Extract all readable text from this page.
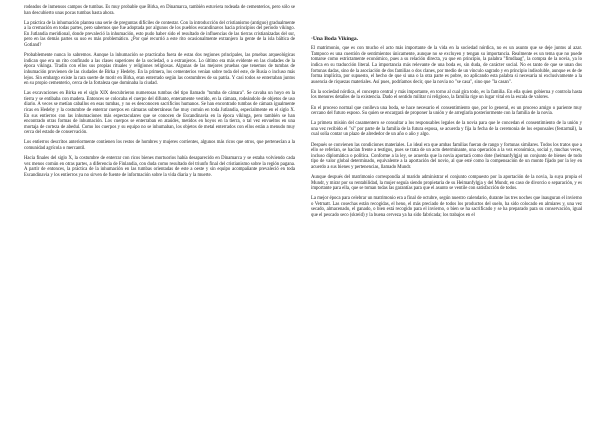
rodeados de inmensos campos de tumbas. Es muy probable que Birka, en Dinamarca, también estuviera rodeada de cementerios, pero sólo se han descubierto unas pocas tumbas hasta ahora.

La práctica de la inhumación plantea una serie de preguntas difíciles de contestar. Con la introducción del cristianismo (antiguo) gradualmente a la cremación en todas partes, pero sabemos que fue adoptada por algunos de los pueblos escandinavos hacia principios del período vikingo. En Jutlandia meridional, donde prevaleció la inhumación, esto pudo haber sido el resultado de influencias de las tierras cristianizadas del sur, pero en las demás partes su uso es más problemático. ¿Por qué recurrió a este rito ocasionalmente extranjero la gente de la isla báltica de Gotland?

Probablemente nunca lo sabremos. Aunque la inhumación se practicaba fuera de estas dos regiones principales, las pruebas arqueológicas indican que era un rito confinado a las clases superiores de la sociedad, o a extranjeros. Lo último era más evidente en las ciudades de la época vikinga. Tradin con ellos sus propias rituales y religiones religiosas. Algunas de las mejores pruebas que tenemos de tumbas de inhumación provienen de las ciudades de Birka y Hedeby. En la primera, los cementerios venían sobre toda del este, de Rusia o incluso más lejos. Sin embargo existe la rara suerte de morir en Birka, eran enterrado según las costumbres de su patria. Y casi todos se enterraban juntos en su propio cementerio, cerca de la fortaleza que dominaba la ciudad.

Las excavaciones en Birka en el siglo XIX descubrieron numerosas tumbas del tipo llamado "tumba de cámara". Se cavaba un hoyo en la tierra y se entibaba con madera. Entonces se colocaba el cuerpo del difunto, enteramente vestido, en la cámara, rodeándolo de objetos de uso diario. A veces se metían caballos en esas tumbas, y no es desconocen sacrificios humanos. Se han encontrado tumbas de cámara igualmente ricas en Hedeby y la costumbre de enterrar cuerpos en cámaras subterráneas fue muy común en toda Jutlandia, especialmente en el siglo X. En sus entierros con las inhumaciones más espectaculares que se conocen de Escandinavia en la época vikinga, pero también se han encontrado otras formas de inhumación. Los cuerpos se enterraban en ataúdes, metidos en hoyos en la tierra, o tal vez envueltos en una mortaja de corteza de abedul. Como los cuerpos y su equipo no se inhumaban, los objetos de metal enterrados con ellos están a menudo muy cerca del estado de conservación.

Los entierros descritos anteriormente contienen los restos de hombres y mujeres corrientes, algunos más ricos que otros, que pertenecían a la comunidad agrícola o mercantil.

Hacia finales del siglo X, la costumbre de enterrar con ricos bienes mortuorios había desaparecido en Dinamarca y se estaba volviendo cada vez menos común en otras partes, a diferencia de Finlandia, con duda como resultado del triunfo final del cristianismo sobre la región pagana. A partir de entonces, la práctica de la inhumación en las tumbas orientadas de este a oeste y sin equipo acompañante prevaleció en toda Escandinavia y los entierros ya no sirven de fuente de información sobre la vida diaria y la muerte.

·Una Boda Vikinga.

El matrimonio, que es con mucho el acto más importante de la vida en la sociedad nórdica, no es un asunto que se deje juntos al azar. Tampoco es una cuestión de sentimientos únicamente, aunque no se excluyen y tengan su importancia. Realmente es un tema que no puede tomarse como estrictamente económico, pues a su relación directa, ya que en principio, la palabra "fimdlaag", la compra de la novia, ya lo indica en su traducción literal. La importancia más relevante de una boda es, sin duda, de carácter social. No es tanto de que se unan dos fortunas dadas, sino de la asociación de dos familias o dos clanes, por medio de un vínculo sagrado y en principio indisoluble, aunque es de de forma implícita, por supuesto, el hecho de que si una o la otra parte es pobre, no aplicando esta palabra si necesaria ni exclusivamente a la ausencia de riquezas materiales. Así pues, podríamos decir, que la novia no "se casa", sino que "la casan".

En la sociedad nórdica, el concepto central y más importante, en torno al cual gira todo, es la familia. En ella quien gobierna y controla hasta los menores detalles de la existencia. Dado el sentido militar ni religioso, la familia rige un lugar vital en la escala de valores.

En el proceso normal que conlleva una boda, se hace necesario el consentimiento que, por lo general, es un proceso amigo o pariente muy cercano del futuro esposo. Su quien se encargará de proponer la unión y de arreglarla posteriormente con la familia de la novia.

La primera misión del casamentero se consultar a los responsables legales de la novia para que le concedan el consentimiento de la unión y una vez recibido el "sí" por parte de la familia de la futura esposa, se acuerda y fija la fecha de la ceremonia de los esponsales (festarmál), la cual solía contar un plazo de alrededor de un año o año y algo.

Después se convienen las condiciones materiales. Lo ideal era que ambas familias fueran de rango y fortunas similares. Todos los tratos que a ello se referían, se hacían frente a testigos, pues se trata de un acto determinante, una operación a la vez económica, social y, muchas veces, incluso diplomática o política. Conforme a la ley, se acuerda que la novia aportará como dote (heimanfylgja) un conjunto de bienes de todo tipo de valor global determinado, equivalente a la aportación del novio, al que esté como la compensación de un monto fijado por la ley en acuerdo a sus bienes y pertenencias, llamado Mundr.

Aunque después del matrimonio correspondía al marido administrar el conjunto compuesto por la aportación de la novia, la suya propia el Mundr, y mirar por su rentabilidad, la mujer seguía siendo propietaria de su Heimanfylgja y del Mundr, en caso de divorcio o separación, y es importante para ella, que se toman todas las garantías para que el asunto se ventile con satisfacción de todos.

La mejor época para celebrar un matrimonio era a final de octubre, según nuestro calendario, durante las tres noches que inauguran el invierno o Vetrnatt. Las cosechas están recogidas, el heno, el más preciado de todos los productos del suelo, ha sido colocado en almiares y, una vez secado, almacenado, el ganado, o bien está recogido para el invierno, o bien se ha sacrificado y se ha preparado para su conservación, igual que el pescado seco (skreid) y la buena cerveza ya ha sido fabricada; los trabajos en el
